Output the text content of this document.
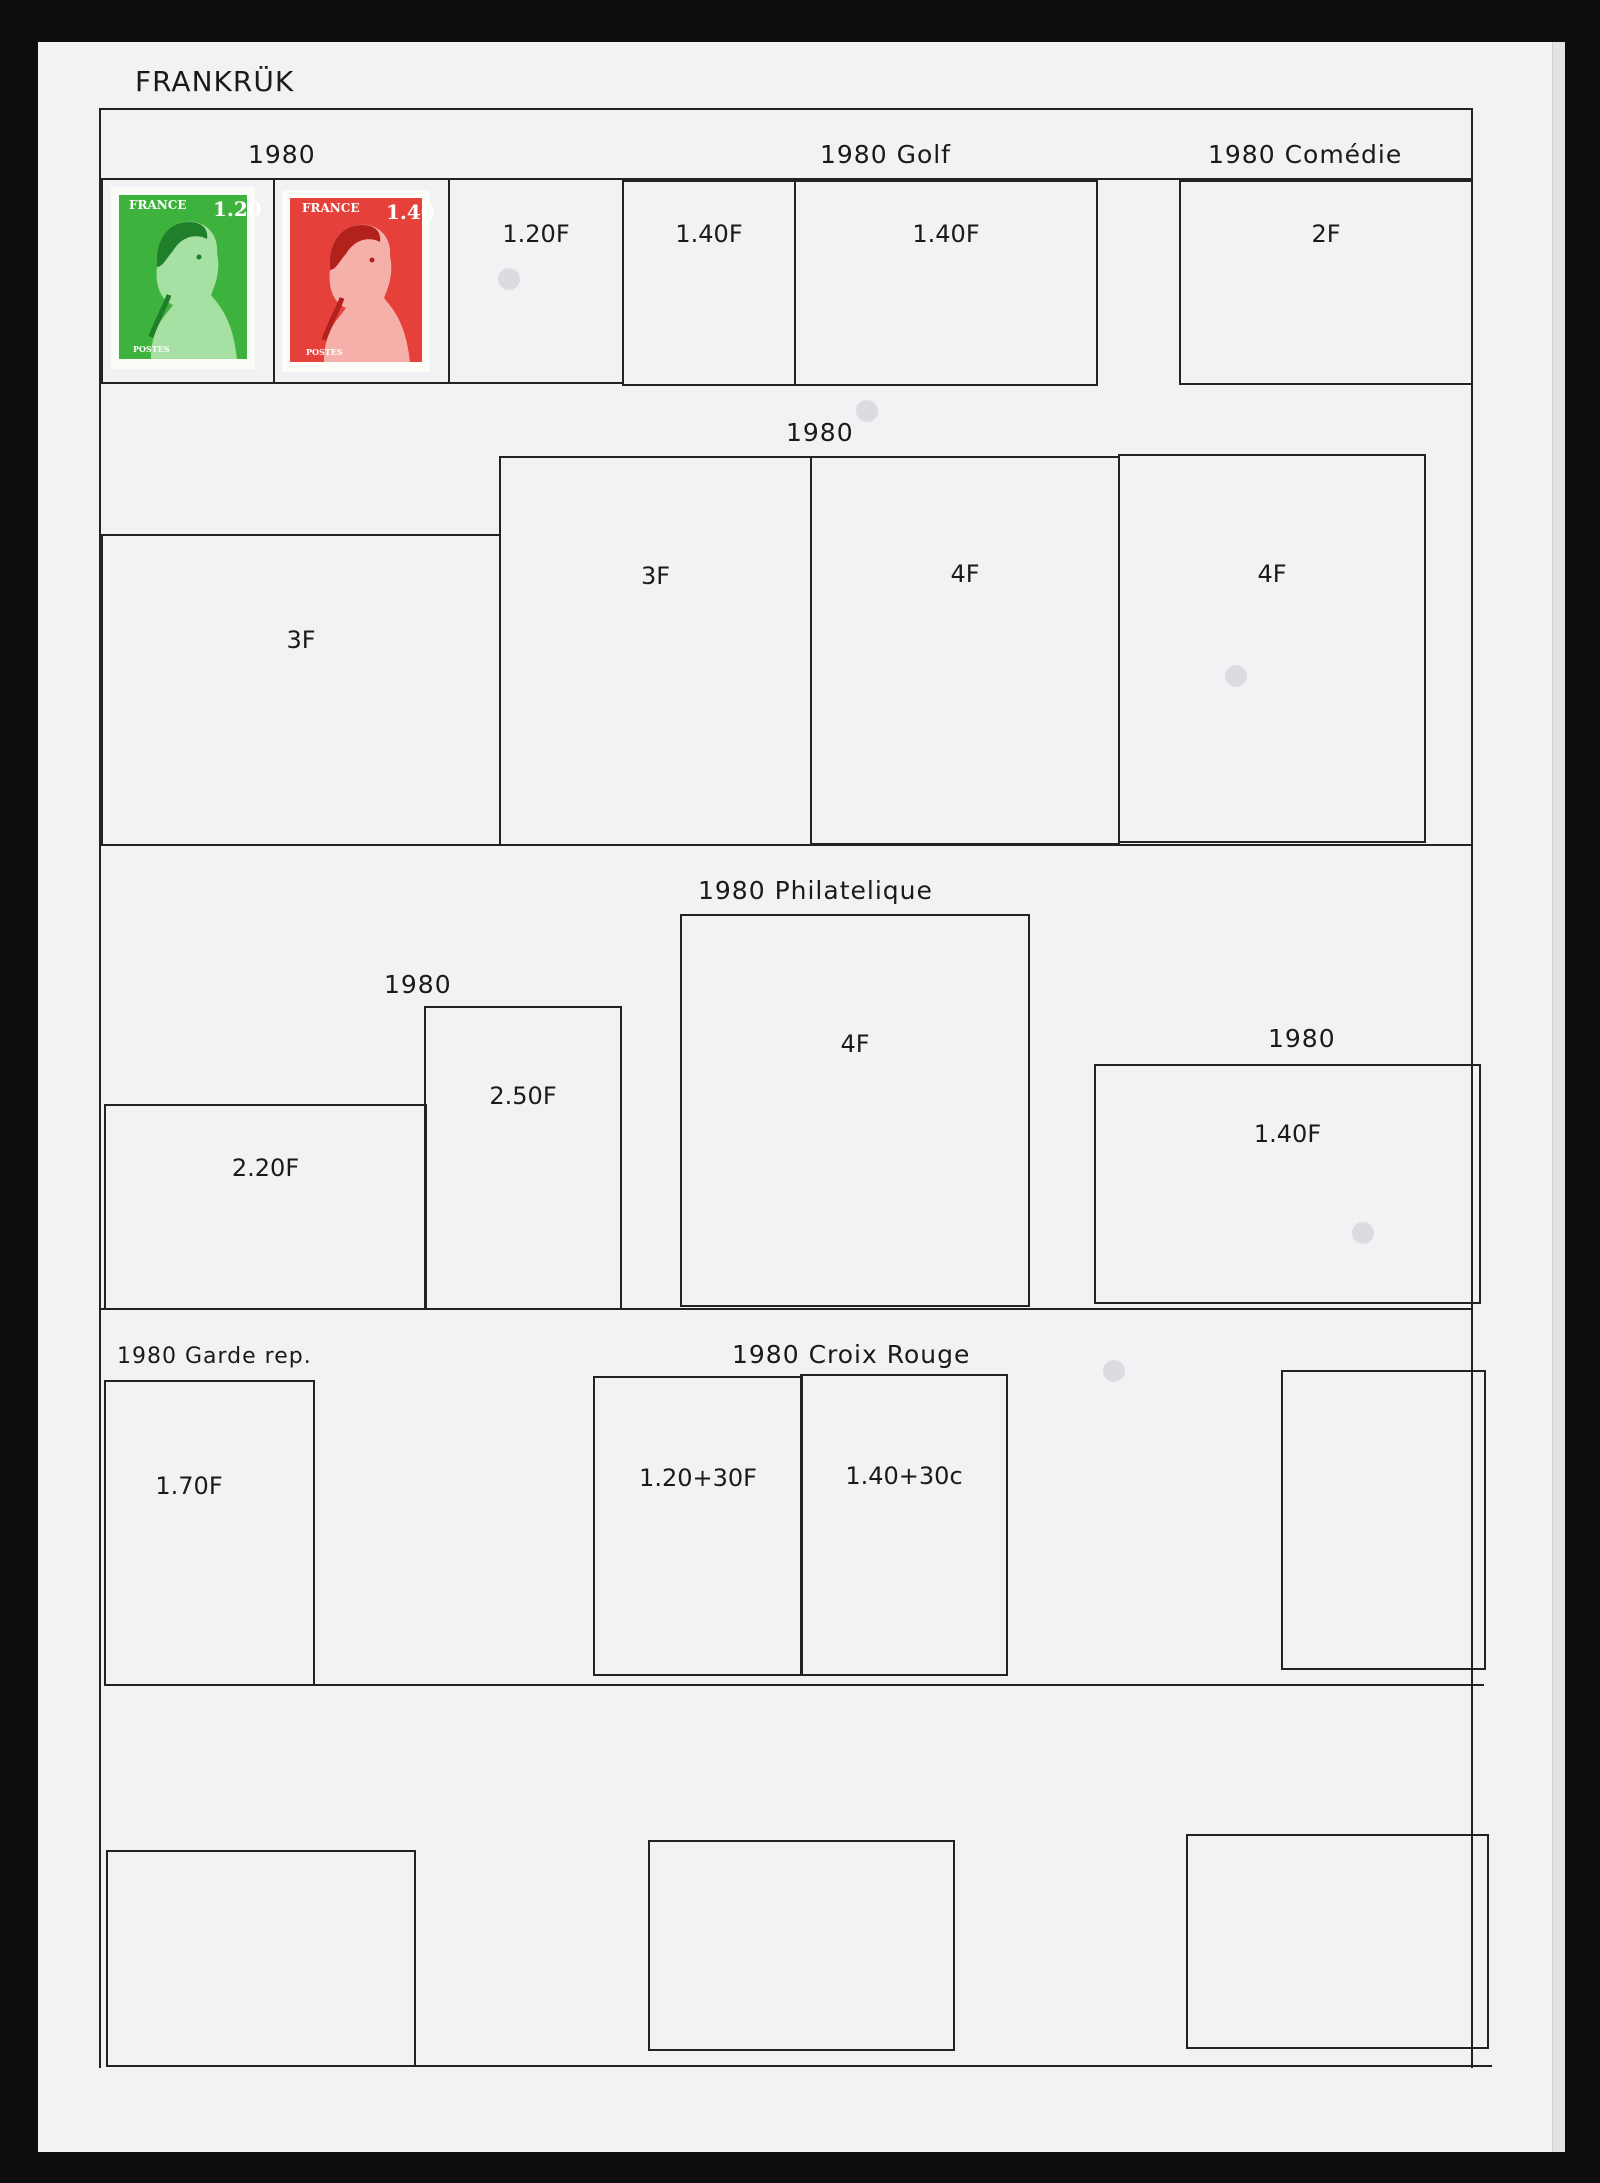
FRANKRÜK
1980	1980 Golf	1980 Comédie
FRANCE 1.20
POSTES
FRANCE 1.40
POSTES
1.20F	1.40F	1.40F	2F
1980
3F
3F	4F	4F
1980 Philatelique
1980
1980
2.20F
2.50F
4F
1.40F
1980 Garde rep.	1980 Croix Rouge
1.70F	1.20+30F	1.40+30c
